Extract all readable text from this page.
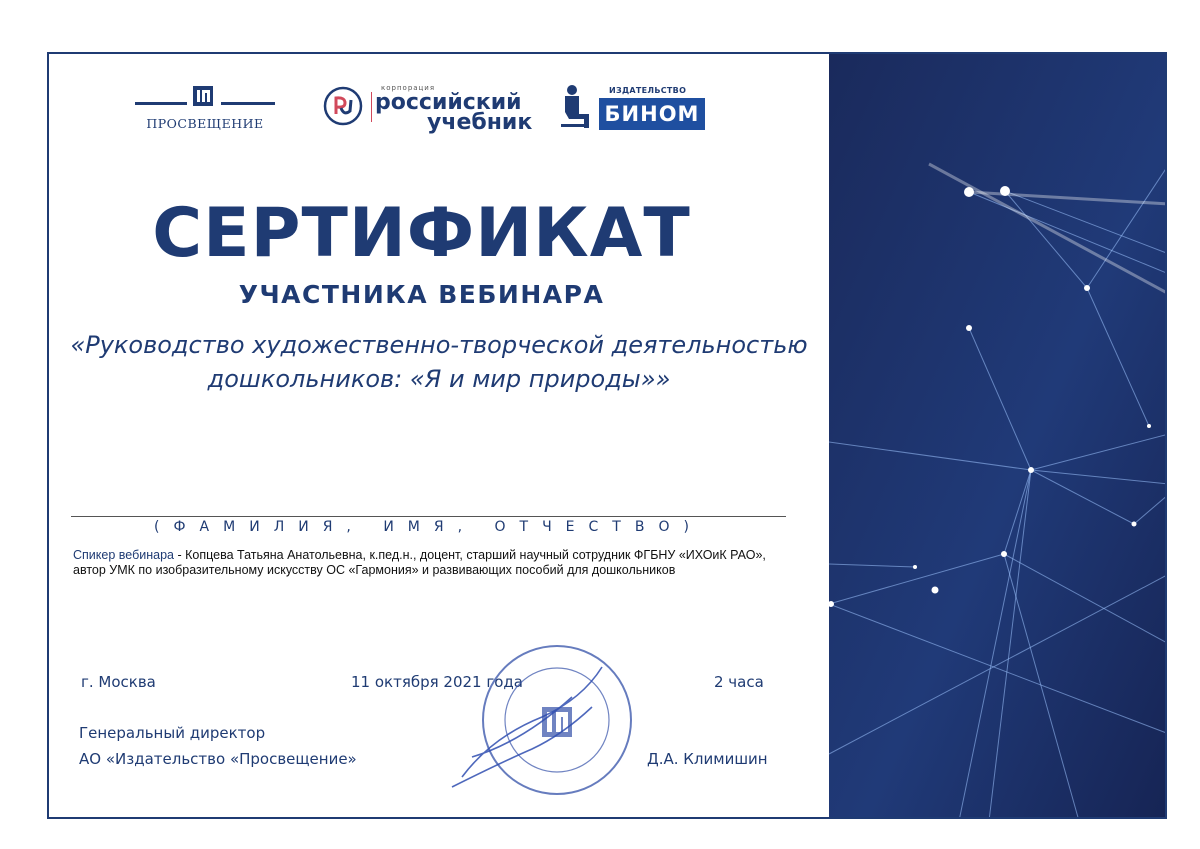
ПРОСВЕЩЕНИЕ
корпорация
российский
учебник
ИЗДАТЕЛЬСТВО
БИНОМ
СЕРТИФИКАТ
УЧАСТНИКА ВЕБИНАРА
«Руководство художественно-творческой деятельностью
дошкольников: «Я и мир природы»»
(ФАМИЛИЯ, ИМЯ, ОТЧЕСТВО)
Спикер вебинара - Копцева Татьяна Анатольевна, к.пед.н., доцент, старший научный сотрудник ФГБНУ «ИХОиК РАО», автор УМК по изобразительному искусству ОС «Гармония» и развивающих пособий для дошкольников
г. Москва	11 октября 2021 года	2 часа
Генеральный директор
АО «Издательство «Просвещение»	Д.А. Климишин
